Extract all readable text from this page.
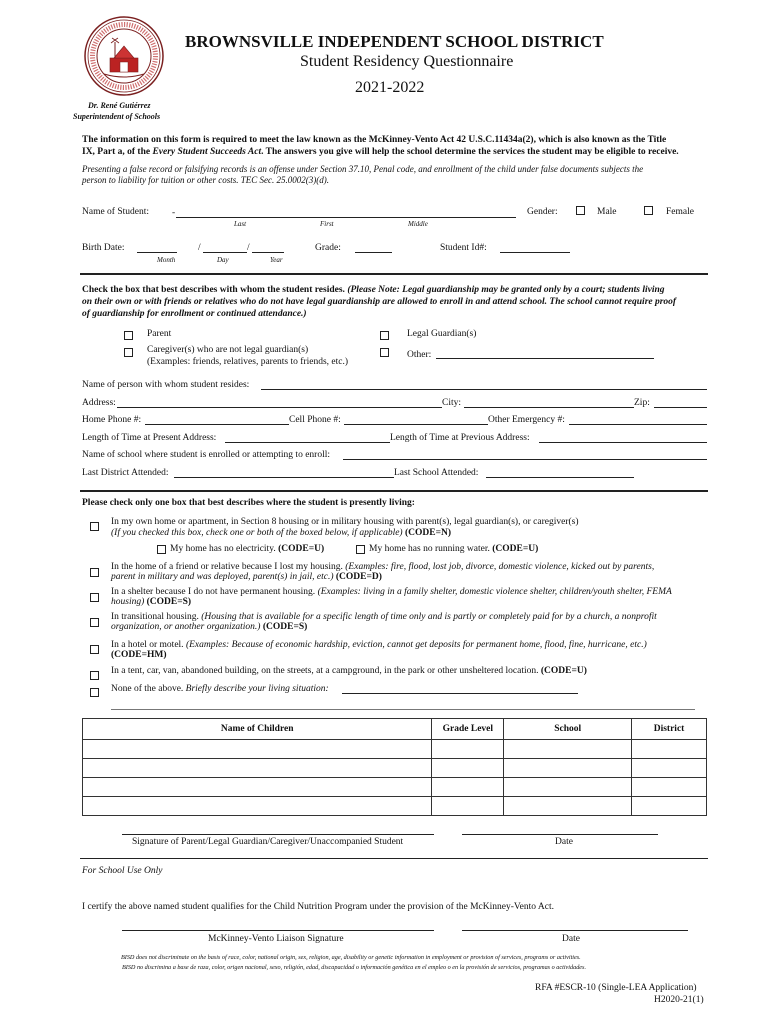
BROWNSVILLE INDEPENDENT SCHOOL DISTRICT
Student Residency Questionnaire
2021-2022
Dr. René Gutiérrez
Superintendent of Schools
The information on this form is required to meet the law known as the McKinney-Vento Act 42 U.S.C.11434a(2), which is also known as the Title
IX, Part a, of the Every Student Succeeds Act. The answers you give will help the school determine the services the student may be eligible to receive.
Presenting a false record or falsifying records is an offense under Section 37.10, Penal code, and enrollment of the child under false documents subjects the
person to liability for tuition or other costs. TEC Sec. 25.0002(3)(d).
Name of Student: -
Last	First	Middle
Gender:	Male	Female
Birth Date:	/	/
Month	Day	Year
Grade:	Student Id#:
Check the box that best describes with whom the student resides. (Please Note: Legal guardianship may be granted only by a court; students living
on their own or with friends or relatives who do not have legal guardianship are allowed to enroll in and attend school. The school cannot require proof
of guardianship for enrollment or continued attendance.)
Parent	Legal Guardian(s)
Caregiver(s) who are not legal guardian(s)
(Examples: friends, relatives, parents to friends, etc.)
Other:
Name of person with whom student resides:
Address:	City:	Zip:
Home Phone #:	Cell Phone #:	Other Emergency #:
Length of Time at Present Address:	Length of Time at Previous Address:
Name of school where student is enrolled or attempting to enroll:
Last District Attended:	Last School Attended:
Please check only one box that best describes where the student is presently living:
In my own home or apartment, in Section 8 housing or in military housing with parent(s), legal guardian(s), or caregiver(s)
(If you checked this box, check one or both of the boxed below, if applicable) (CODE=N)
My home has no electricity. (CODE=U)	My home has no running water. (CODE=U)
In the home of a friend or relative because I lost my housing. (Examples: fire, flood, lost job, divorce, domestic violence, kicked out by parents,
parent in military and was deployed, parent(s) in jail, etc.) (CODE=D)
In a shelter because I do not have permanent housing. (Examples: living in a family shelter, domestic violence shelter, children/youth shelter, FEMA
housing) (CODE=S)
In transitional housing. (Housing that is available for a specific length of time only and is partly or completely paid for by a church, a nonprofit
organization, or another organization.) (CODE=S)
In a hotel or motel. (Examples: Because of economic hardship, eviction, cannot get deposits for permanent home, flood, fine, hurricane, etc.)
(CODE=HM)
In a tent, car, van, abandoned building, on the streets, at a campground, in the park or other unsheltered location. (CODE=U)
None of the above. Briefly describe your living situation:
Name of Children	Grade Level	School	District

Signature of Parent/Legal Guardian/Caregiver/Unaccompanied Student	Date
For School Use Only
I certify the above named student qualifies for the Child Nutrition Program under the provision of the McKinney-Vento Act.
McKinney-Vento Liaison Signature	Date
BISD does not discriminate on the basis of race, color, national origin, sex, religion, age, disability or genetic information in employment or provision of services, programs or activities.
BISD no discrimina a base de raza, color, origen nacional, sexo, religión, edad, discapacidad o información genética en el empleo o en la provisión de servicios, programas o actividades.
RFA #ESCR-10 (Single-LEA Application)
H2020-21(1)
